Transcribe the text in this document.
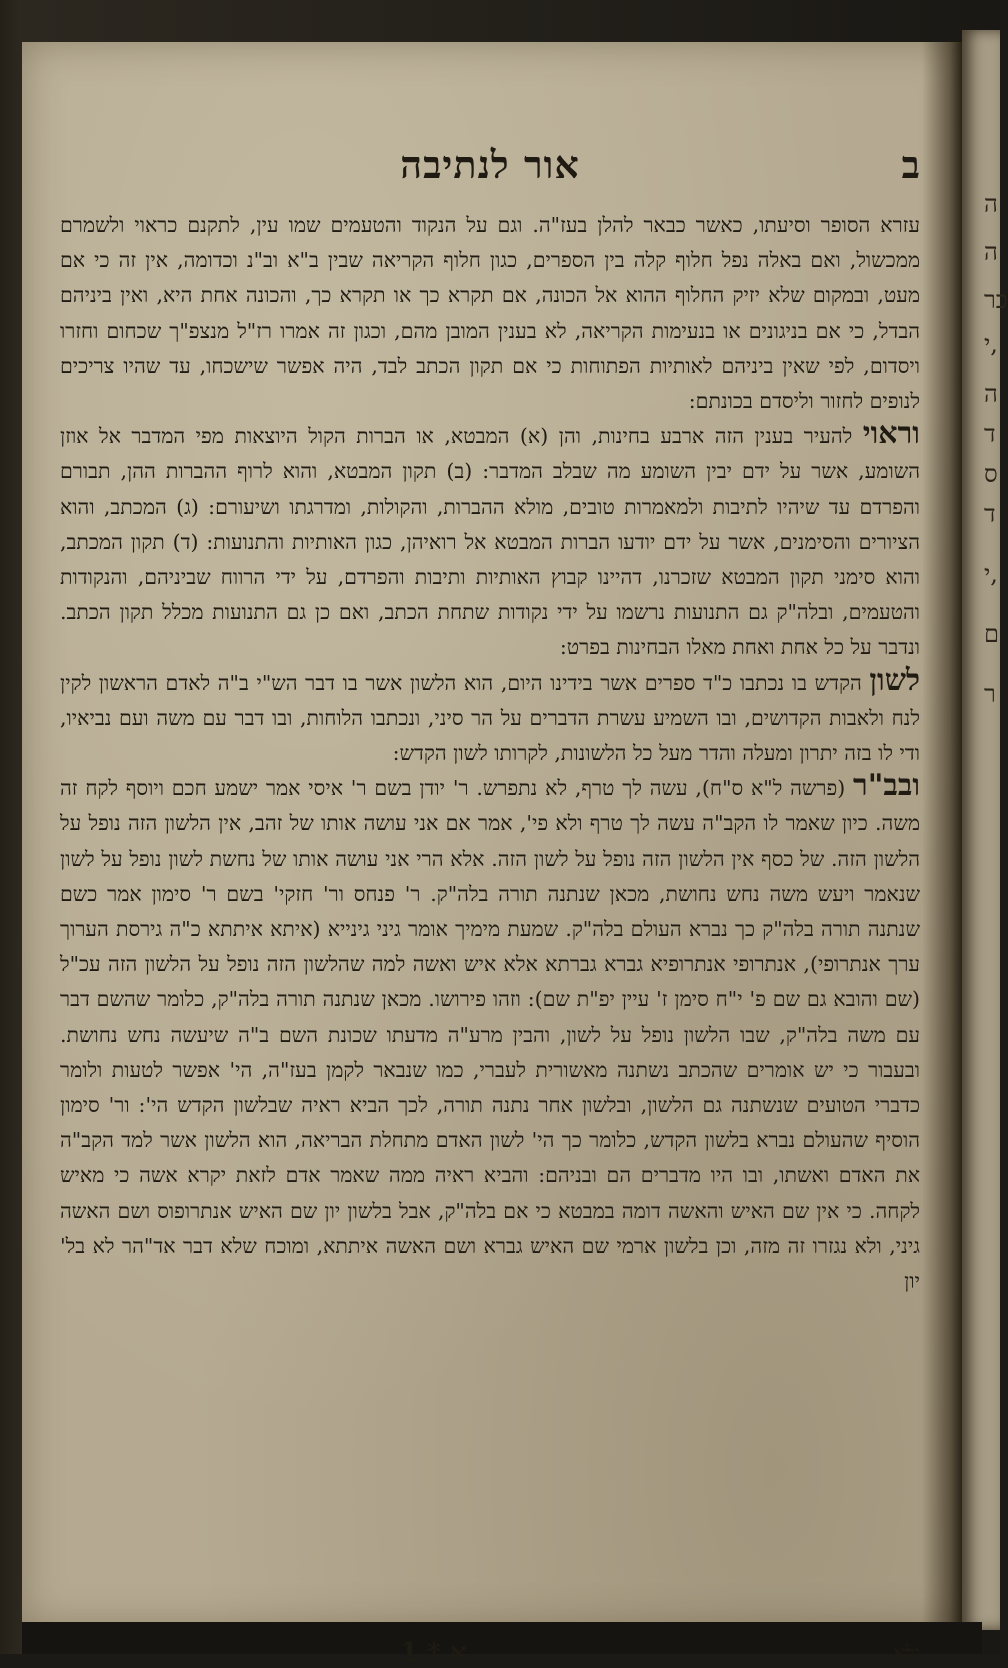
ה
ה
כר
י,
ה
ד
ס
ד
י,
ם
ר
ב
אור לנתיבה

עזרא הסופר וסיעתו, כאשר כבאר להלן בעז"ה. וגם על הנקוד והטעמים שמו עין, לתקנם כראוי ולשמרם ממכשול, ואם באלה נפל חלוף קלה בין הספרים, כגון חלוף הקריאה שבין ב"א וב"נ וכדומה, אין זה כי אם מעט, ובמקום שלא יזיק החלוף ההוא אל הכונה, אם תקרא כך או תקרא כך, והכונה אחת היא, ואין ביניהם הבדל, כי אם בניגונים או בנעימות הקריאה, לא בענין המובן מהם, וכגון זה אמרו רז"ל מנצפ"ך שכחום וחזרו ויסדום, לפי שאין ביניהם לאותיות הפתוחות כי אם תקון הכתב לבד, היה אפשר שישכחו, עד שהיו צריכים לנופים לחזור וליסדם בכונתם:

וראוי להעיר בענין הזה ארבע בחינות, והן (א) המבטא, או הברות הקול היוצאות מפי המדבר אל אוזן השומע, אשר על ידם יבין השומע מה שבלב המדבר: (ב) תקון המבטא, והוא לרוף ההברות ההן, תבורם והפרדם עד שיהיו לתיבות ולמאמרות טובים, מולא ההברות, והקולות, ומדרגתו ושיעורם: (ג) המכתב, והוא הציורים והסימנים, אשר על ידם יודעו הברות המבטא אל רואיהן, כגון האותיות והתנועות: (ד) תקון המכתב, והוא סימני תקון המבטא שזכרנו, דהיינו קבוץ האותיות ותיבות והפרדם, על ידי הרווח שביניהם, והנקודות והטעמים, ובלה"ק גם התנועות נרשמו על ידי נקודות שתחת הכתב, ואם כן גם התנועות מכלל תקון הכתב. ונדבר על כל אחת ואחת מאלו הבחינות בפרט:

לשון הקדש בו נכתבו כ"ד ספרים אשר בידינו היום, הוא הלשון אשר בו דבר הש"י ב"ה לאדם הראשון לקין לנח ולאבות הקדושים, ובו השמיע עשרת הדברים על הר סיני, ונכתבו הלוחות, ובו דבר עם משה ועם נביאיו, ודי לו בזה יתרון ומעלה והדר מעל כל הלשונות, לקרותו לשון הקדש:

ובב"ר (פרשה ל"א ס"ח), עשה לך טרף, לא נתפרש. ר' יודן בשם ר' איסי אמר ישמע חכם ויוסף לקח זה משה. כיון שאמר לו הקב"ה עשה לך טרף ולא פי', אמר אם אני עושה אותו של זהב, אין הלשון הזה נופל על הלשון הזה. של כסף אין הלשון הזה נופל על לשון הזה. אלא הרי אני עושה אותו של נחשת לשון נופל על לשון שנאמר ויעש משה נחש נחושת, מכאן שנתנה תורה בלה"ק. ר' פנחס ור' חזקי' בשם ר' סימון אמר כשם שנתנה תורה בלה"ק כך נברא העולם בלה"ק. שמעת מימיך אומר גיני גינייא (איתא איתתא כ"ה גירסת הערוך ערך אנתרופי), אנתרופי אנתרופיא גברא גברתא אלא איש ואשה למה שהלשון הזה נופל על הלשון הזה עכ"ל (שם והובא גם שם פ' י"ח סימן ז' עיין יפ"ת שם): וזהו פירושו. מכאן שנתנה תורה בלה"ק, כלומר שהשם דבר עם משה בלה"ק, שבו הלשון נופל על לשון, והבין מרע"ה מדעתו שכונת השם ב"ה שיעשה נחש נחושת. ובעבור כי יש אומרים שהכתב נשתנה מאשורית לעברי, כמו שנבאר לקמן בעז"ה, הי' אפשר לטעות ולומר כדברי הטועים שנשתנה גם הלשון, ובלשון אחר נתנה תורה, לכך הביא ראיה שבלשון הקדש הי': ור' סימון הוסיף שהעולם נברא בלשון הקדש, כלומר כך הי' לשון האדם מתחלת הבריאה, הוא הלשון אשר למד הקב"ה את האדם ואשתו, ובו היו מדברים הם ובניהם: והביא ראיה ממה שאמר אדם לזאת יקרא אשה כי מאיש לקחה. כי אין שם האיש והאשה דומה במבטא כי אם בלה"ק, אבל בלשון יון שם האיש אנתרופוס ושם האשה גיני, ולא נגזרו זה מזה, וכן בלשון ארמי שם האיש גברא ושם האשה איתתא, ומוכח שלא דבר אד"הר לא בל' יון

ולא
א * 1
